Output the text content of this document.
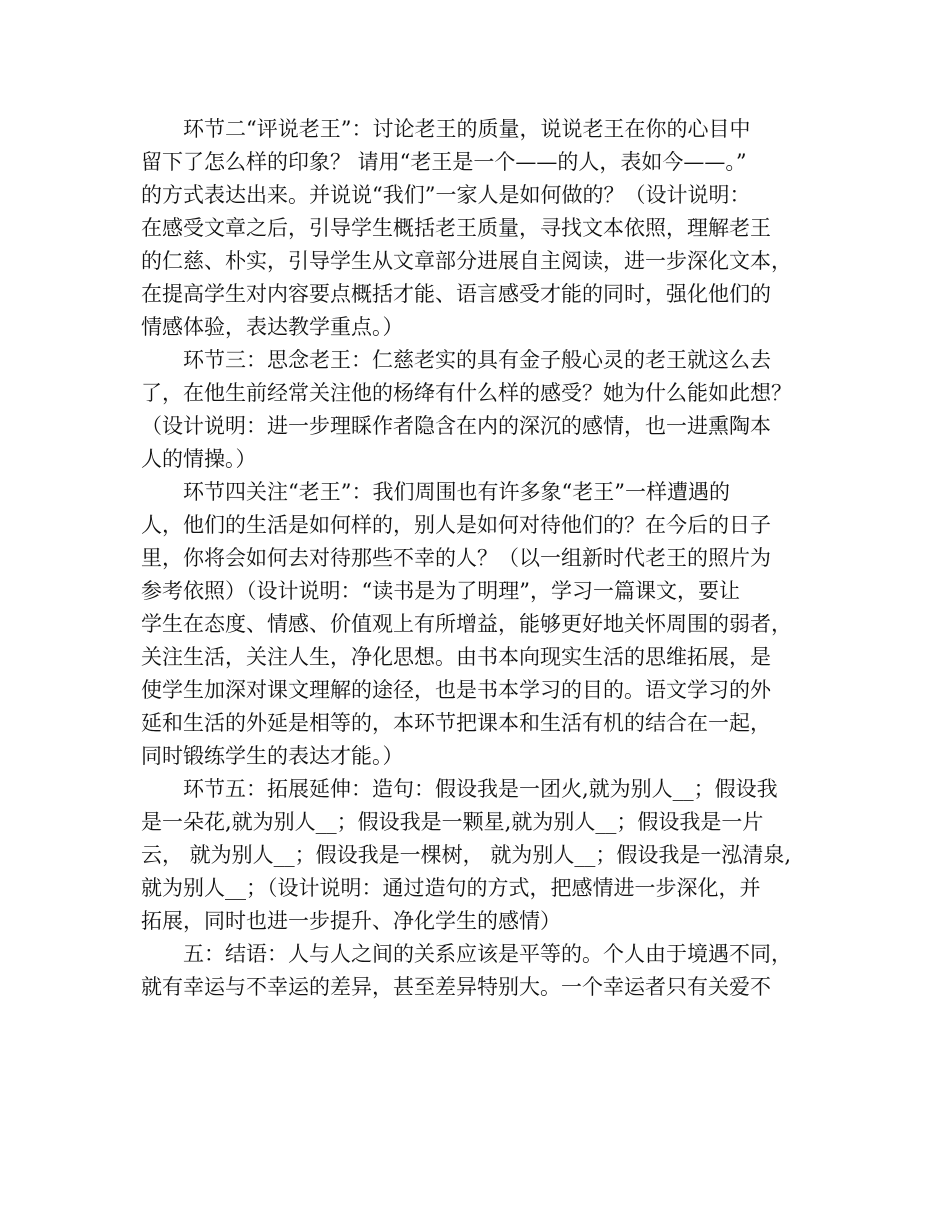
环节二“评说老王”：讨论老王的质量，说说老王在你的心目中
留下了怎么样的印象？ 请用“老王是一个——的人，表如今——。”
的方式表达出来。并说说“我们”一家人是如何做的？（设计说明：
在感受文章之后，引导学生概括老王质量，寻找文本依照，理解老王
的仁慈、朴实，引导学生从文章部分进展自主阅读，进一步深化文本，
在提高学生对内容要点概括才能、语言感受才能的同时，强化他们的
情感体验，表达教学重点。）
环节三：思念老王：仁慈老实的具有金子般心灵的老王就这么去
了，在他生前经常关注他的杨绛有什么样的感受？她为什么能如此想？
（设计说明：进一步理睬作者隐含在内的深沉的感情，也一进熏陶本
人的情操。）
环节四关注“老王”：我们周围也有许多象“老王”一样遭遇的
人，他们的生活是如何样的，别人是如何对待他们的？在今后的日子
里，你将会如何去对待那些不幸的人？（以一组新时代老王的照片为
参考依照）（设计说明：“读书是为了明理”，学习一篇课文，要让
学生在态度、情感、价值观上有所增益，能够更好地关怀周围的弱者，
关注生活，关注人生，净化思想。由书本向现实生活的思维拓展，是
使学生加深对课文理解的途径，也是书本学习的目的。语文学习的外
延和生活的外延是相等的，本环节把课本和生活有机的结合在一起，
同时锻练学生的表达才能。）
环节五：拓展延伸：造句：假设我是一团火,就为别人__；假设我
是一朵花,就为别人__；假设我是一颗星,就为别人__；假设我是一片
云， 就为别人__；假设我是一棵树， 就为别人__；假设我是一泓清泉,
就为别人__；（设计说明：通过造句的方式，把感情进一步深化，并
拓展，同时也进一步提升、净化学生的感情）
五：结语：人与人之间的关系应该是平等的。个人由于境遇不同，
就有幸运与不幸运的差异，甚至差异特别大。一个幸运者只有关爱不
